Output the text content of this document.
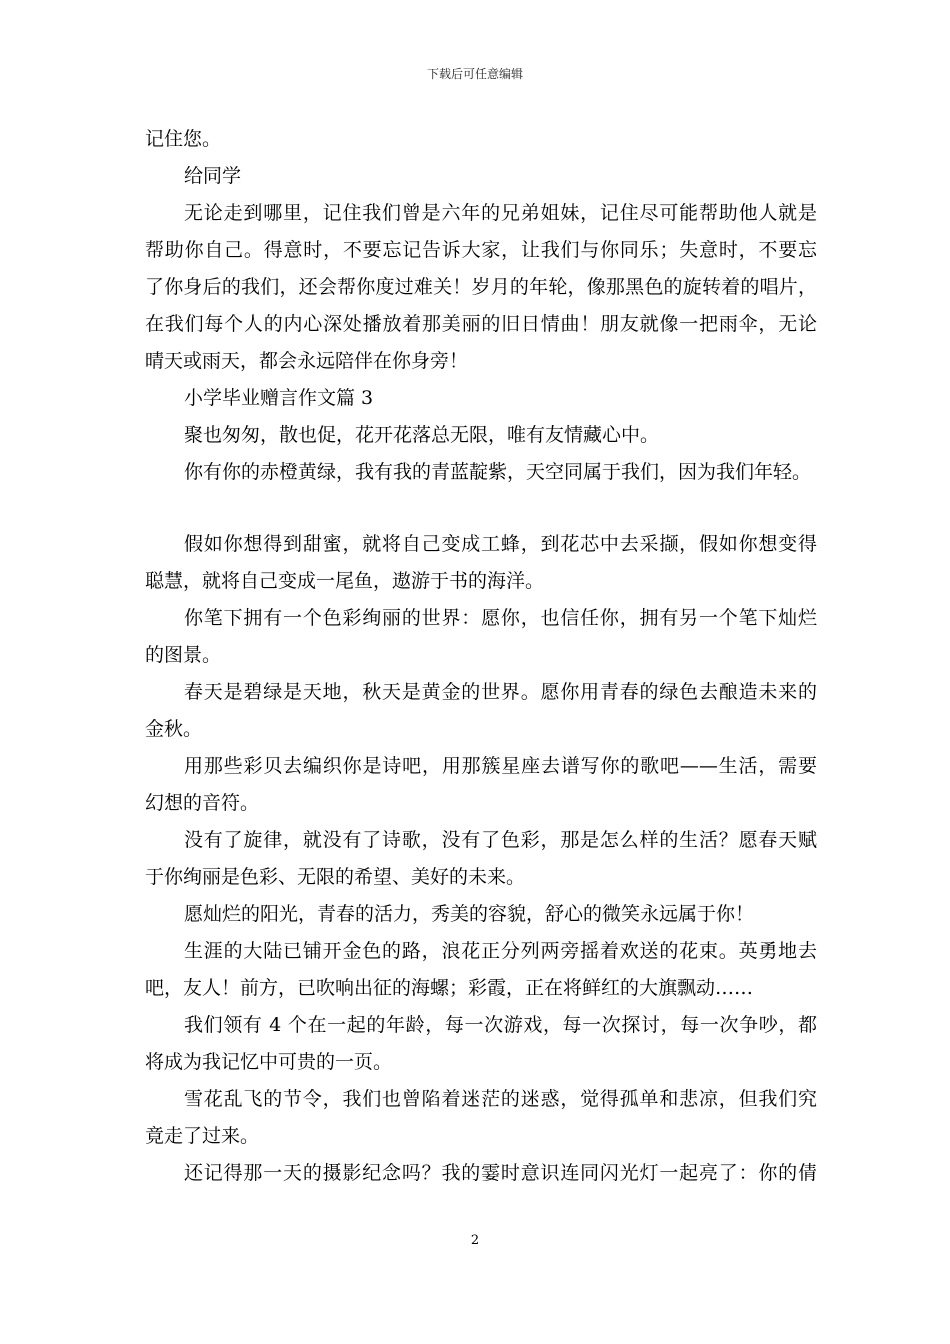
下载后可任意编辑
记住您。
给同学
无论走到哪里，记住我们曾是六年的兄弟姐妹，记住尽可能帮助他人就是
帮助你自己。得意时，不要忘记告诉大家，让我们与你同乐；失意时，不要忘
了你身后的我们，还会帮你度过难关！岁月的年轮，像那黑色的旋转着的唱片，
在我们每个人的内心深处播放着那美丽的旧日情曲！朋友就像一把雨伞，无论
晴天或雨天，都会永远陪伴在你身旁！
小学毕业赠言作文篇 3
聚也匆匆，散也促，花开花落总无限，唯有友情藏心中。
你有你的赤橙黄绿，我有我的青蓝靛紫，天空同属于我们，因为我们年轻。
假如你想得到甜蜜，就将自己变成工蜂，到花芯中去采撷，假如你想变得
聪慧，就将自己变成一尾鱼，遨游于书的海洋。
你笔下拥有一个色彩绚丽的世界：愿你，也信任你，拥有另一个笔下灿烂
的图景。
春天是碧绿是天地，秋天是黄金的世界。愿你用青春的绿色去酿造未来的
金秋。
用那些彩贝去编织你是诗吧，用那簇星座去谱写你的歌吧——生活，需要
幻想的音符。
没有了旋律，就没有了诗歌，没有了色彩，那是怎么样的生活？愿春天赋
于你绚丽是色彩、无限的希望、美好的未来。
愿灿烂的阳光，青春的活力，秀美的容貌，舒心的微笑永远属于你！
生涯的大陆已铺开金色的路，浪花正分列两旁摇着欢送的花束。英勇地去
吧，友人！前方，已吹响出征的海螺；彩霞，正在将鲜红的大旗飘动……
我们领有 4 个在一起的年龄，每一次游戏，每一次探讨，每一次争吵，都
将成为我记忆中可贵的一页。
雪花乱飞的节令，我们也曾陷着迷茫的迷惑，觉得孤单和悲凉，但我们究
竟走了过来。
还记得那一天的摄影纪念吗？我的霎时意识连同闪光灯一起亮了：你的倩
2
